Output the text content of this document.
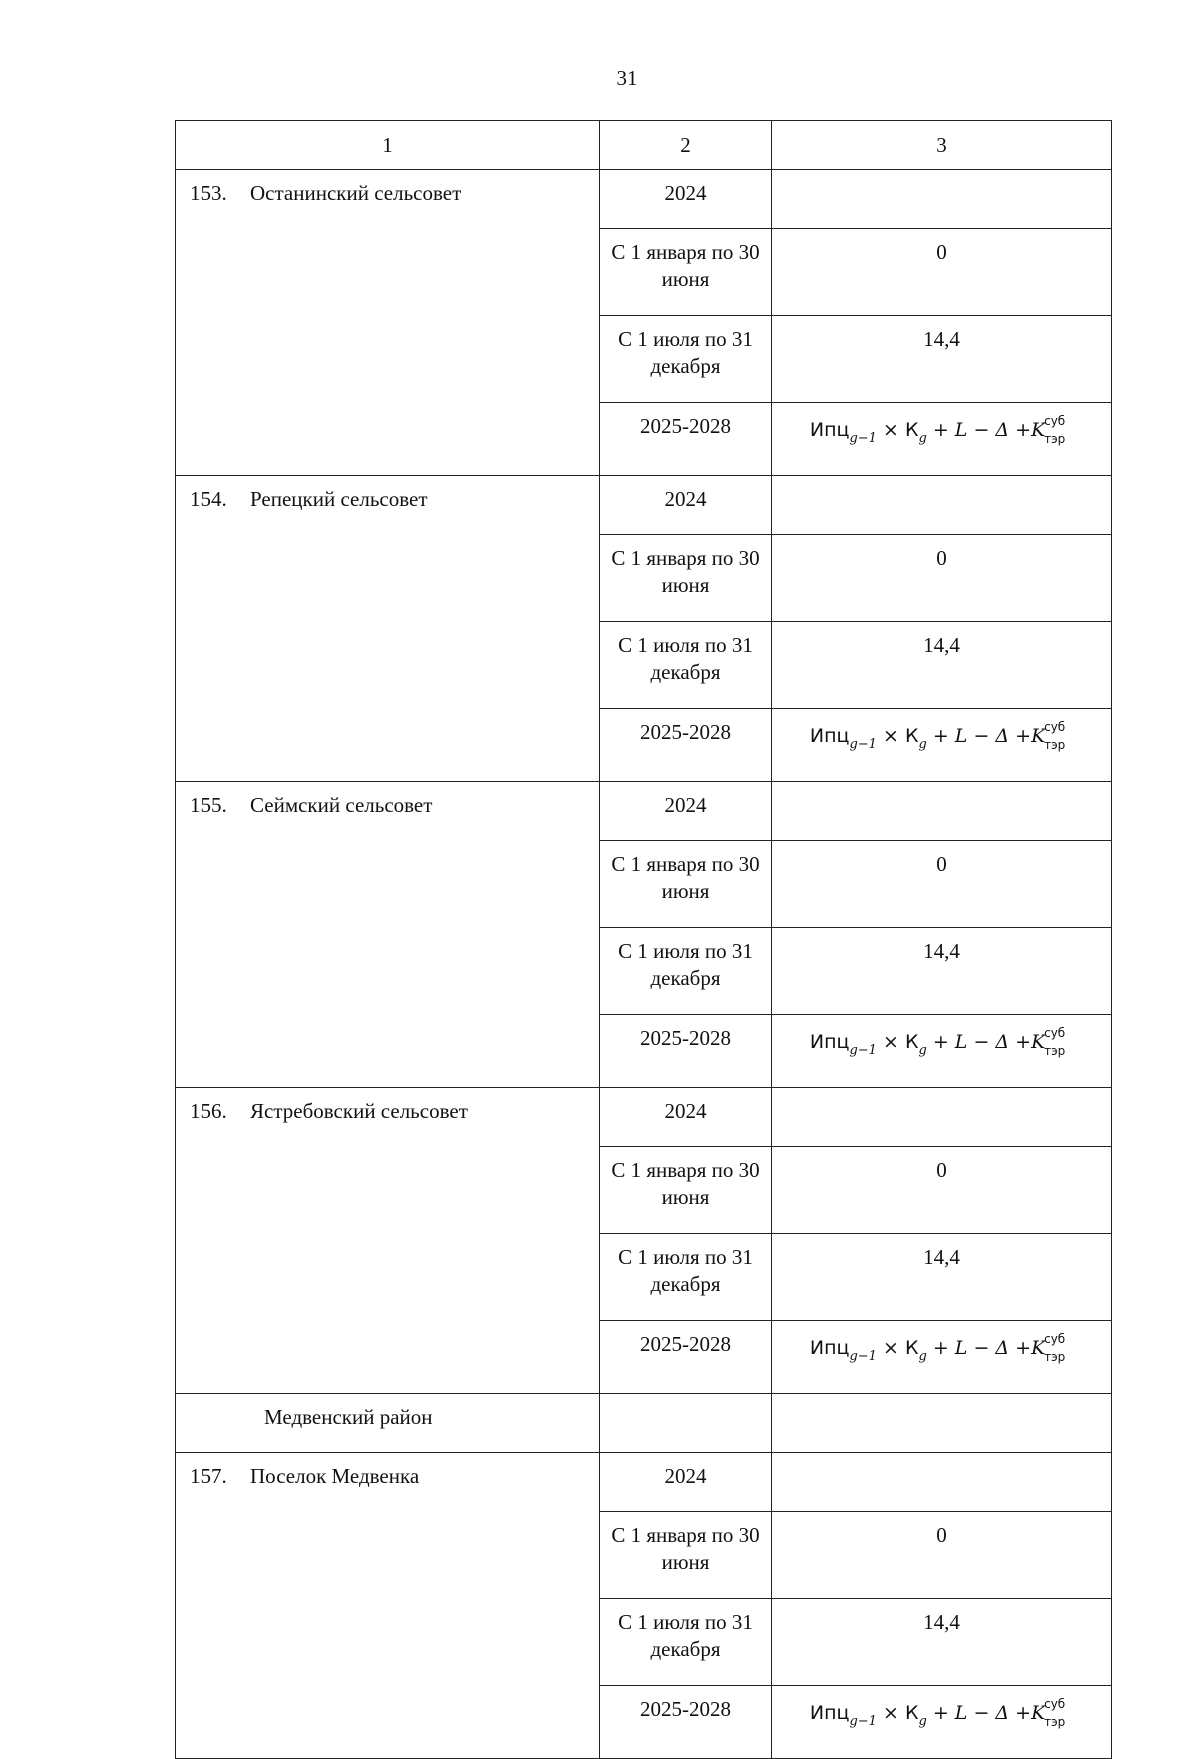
31
1	2	3
153. Останинский сельсовет	2024	
	С 1 января по 30 июня	0
	С 1 июля по 31 декабря	14,4
	2025-2028	$Ипц_{g-1} \times К_g + L - \Delta +K$
суб
тэр

154. Репецкий сельсовет	2024	
	С 1 января по 30 июня	0
	С 1 июля по 31 декабря	14,4
	2025-2028	$Ипц_{g-1} \times К_g + L - \Delta +K$
суб
тэр

155. Сеймский сельсовет	2024	
	С 1 января по 30 июня	0
	С 1 июля по 31 декабря	14,4
	2025-2028	$Ипц_{g-1} \times К_g + L - \Delta +K$
суб
тэр

156. Ястребовский сельсовет	2024	
	С 1 января по 30 июня	0
	С 1 июля по 31 декабря	14,4
	2025-2028	$Ипц_{g-1} \times К_g + L - \Delta +K$
суб
тэр

Медвенский район		
157. Поселок Медвенка	2024	
	С 1 января по 30 июня	0
	С 1 июля по 31 декабря	14,4
	2025-2028	$Ипц_{g-1} \times К_g + L - \Delta +K$
суб
тэр
